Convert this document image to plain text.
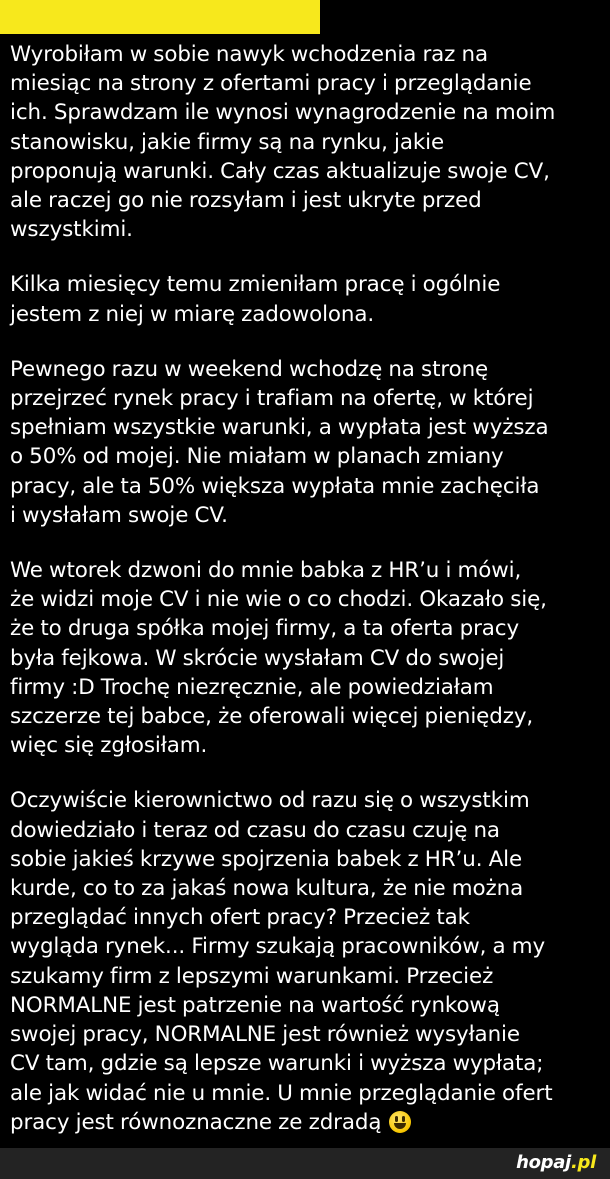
Wyrobiłam w sobie nawyk wchodzenia raz na
miesiąc na strony z ofertami pracy i przeglądanie
ich. Sprawdzam ile wynosi wynagrodzenie na moim
stanowisku, jakie firmy są na rynku, jakie
proponują warunki. Cały czas aktualizuje swoje CV,
ale raczej go nie rozsyłam i jest ukryte przed
wszystkimi.
Kilka miesięcy temu zmieniłam pracę i ogólnie
jestem z niej w miarę zadowolona.
Pewnego razu w weekend wchodzę na stronę
przejrzeć rynek pracy i trafiam na ofertę, w której
spełniam wszystkie warunki, a wypłata jest wyższa
o 50% od mojej. Nie miałam w planach zmiany
pracy, ale ta 50% większa wypłata mnie zachęciła
i wysłałam swoje CV.
We wtorek dzwoni do mnie babka z HR’u i mówi,
że widzi moje CV i nie wie o co chodzi. Okazało się,
że to druga spółka mojej firmy, a ta oferta pracy
była fejkowa. W skrócie wysłałam CV do swojej
firmy :D Trochę niezręcznie, ale powiedziałam
szczerze tej babce, że oferowali więcej pieniędzy,
więc się zgłosiłam.
Oczywiście kierownictwo od razu się o wszystkim
dowiedziało i teraz od czasu do czasu czuję na
sobie jakieś krzywe spojrzenia babek z HR’u. Ale
kurde, co to za jakaś nowa kultura, że nie można
przeglądać innych ofert pracy? Przecież tak
wygląda rynek... Firmy szukają pracowników, a my
szukamy firm z lepszymi warunkami. Przecież
NORMALNE jest patrzenie na wartość rynkową
swojej pracy, NORMALNE jest również wysyłanie
CV tam, gdzie są lepsze warunki i wyższa wypłata;
ale jak widać nie u mnie. U mnie przeglądanie ofert
pracy jest równoznaczne ze zdradą
hopaj.pl
